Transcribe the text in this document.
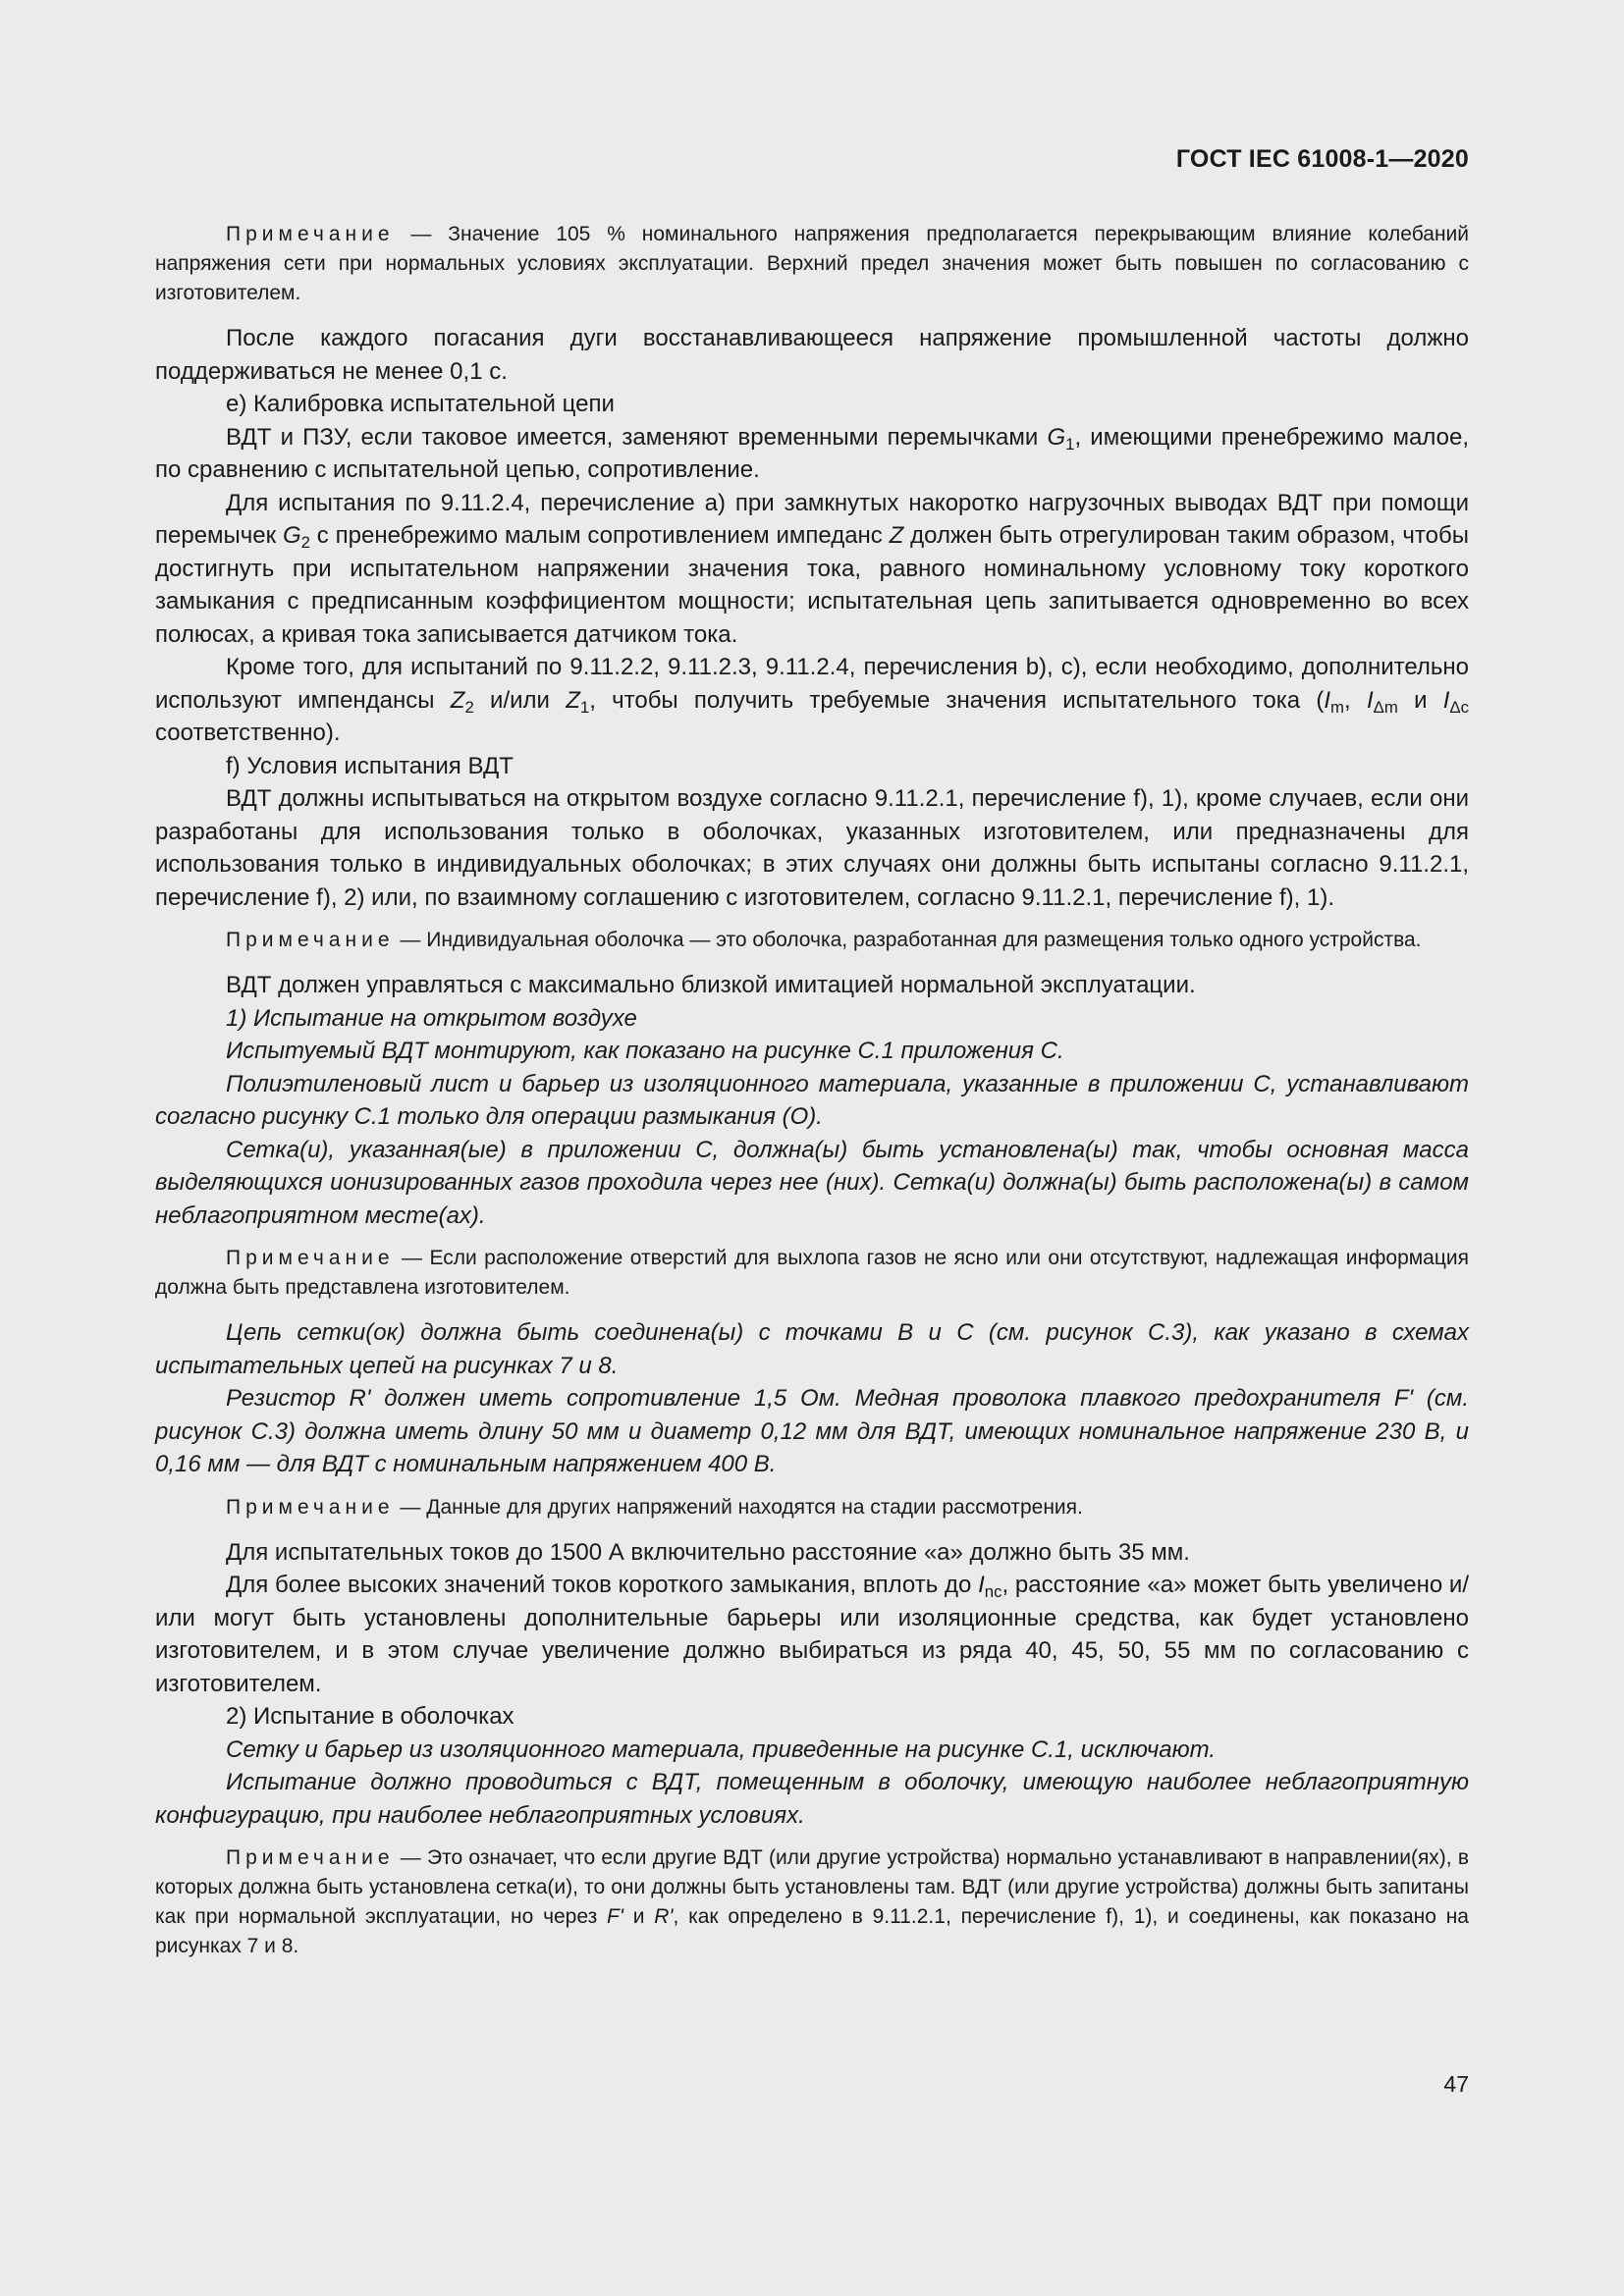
ГОСТ IEC 61008-1—2020

Примечание — Значение 105 % номинального напряжения предполагается перекрывающим влияние колебаний напряжения сети при нормальных условиях эксплуатации. Верхний предел значения может быть повышен по согласованию с изготовителем.

После каждого погасания дуги восстанавливающееся напряжение промышленной частоты должно поддерживаться не менее 0,1 с.

е) Калибровка испытательной цепи

ВДТ и ПЗУ, если таковое имеется, заменяют временными перемычками $G_1$, имеющими пренебрежимо малое, по сравнению с испытательной цепью, сопротивление.

Для испытания по 9.11.2.4, перечисление а) при замкнутых накоротко нагрузочных выводах ВДТ при помощи перемычек $G_2$ с пренебрежимо малым сопротивлением импеданс Z должен быть отрегулирован таким образом, чтобы достигнуть при испытательном напряжении значения тока, равного номинальному условному току короткого замыкания с предписанным коэффициентом мощности; испытательная цепь запитывается одновременно во всех полюсах, а кривая тока записывается датчиком тока.

Кроме того, для испытаний по 9.11.2.2, 9.11.2.3, 9.11.2.4, перечисления b), c), если необходимо, дополнительно используют импендансы $Z_2$ и/или $Z_1$, чтобы получить требуемые значения испытательного тока ($I_m$, $I_{\Delta m}$ и $I_{\Delta c}$ соответственно).

f) Условия испытания ВДТ

ВДТ должны испытываться на открытом воздухе согласно 9.11.2.1, перечисление f), 1), кроме случаев, если они разработаны для использования только в оболочках, указанных изготовителем, или предназначены для использования только в индивидуальных оболочках; в этих случаях они должны быть испытаны согласно 9.11.2.1, перечисление f), 2) или, по взаимному соглашению с изготовителем, согласно 9.11.2.1, перечисление f), 1).

Примечание — Индивидуальная оболочка — это оболочка, разработанная для размещения только одного устройства.

ВДТ должен управляться с максимально близкой имитацией нормальной эксплуатации.

1) Испытание на открытом воздухе

Испытуемый ВДТ монтируют, как показано на рисунке С.1 приложения С.

Полиэтиленовый лист и барьер из изоляционного материала, указанные в приложении С, устанавливают согласно рисунку С.1 только для операции размыкания (О).

Сетка(и), указанная(ые) в приложении С, должна(ы) быть установлена(ы) так, чтобы основная масса выделяющихся ионизированных газов проходила через нее (них). Сетка(и) должна(ы) быть расположена(ы) в самом неблагоприятном месте(ах).

Примечание — Если расположение отверстий для выхлопа газов не ясно или они отсутствуют, надлежащая информация должна быть представлена изготовителем.

Цепь сетки(ок) должна быть соединена(ы) с точками В и С (см. рисунок С.3), как указано в схемах испытательных цепей на рисунках 7 и 8.

Резистор R' должен иметь сопротивление 1,5 Ом. Медная проволока плавкого предохранителя F' (см. рисунок С.3) должна иметь длину 50 мм и диаметр 0,12 мм для ВДТ, имеющих номинальное напряжение 230 В, и 0,16 мм — для ВДТ с номинальным напряжением 400 В.

Примечание — Данные для других напряжений находятся на стадии рассмотрения.

Для испытательных токов до 1500 А включительно расстояние «а» должно быть 35 мм.

Для более высоких значений токов короткого замыкания, вплоть до $I_{nc}$, расстояние «а» может быть увеличено и/или могут быть установлены дополнительные барьеры или изоляционные средства, как будет установлено изготовителем, и в этом случае увеличение должно выбираться из ряда 40, 45, 50, 55 мм по согласованию с изготовителем.

2) Испытание в оболочках

Сетку и барьер из изоляционного материала, приведенные на рисунке С.1, исключают.

Испытание должно проводиться с ВДТ, помещенным в оболочку, имеющую наиболее неблагоприятную конфигурацию, при наиболее неблагоприятных условиях.

Примечание — Это означает, что если другие ВДТ (или другие устройства) нормально устанавливают в направлении(ях), в которых должна быть установлена сетка(и), то они должны быть установлены там. ВДТ (или другие устройства) должны быть запитаны как при нормальной эксплуатации, но через F' и R', как определено в 9.11.2.1, перечисление f), 1), и соединены, как показано на рисунках 7 и 8.

47
